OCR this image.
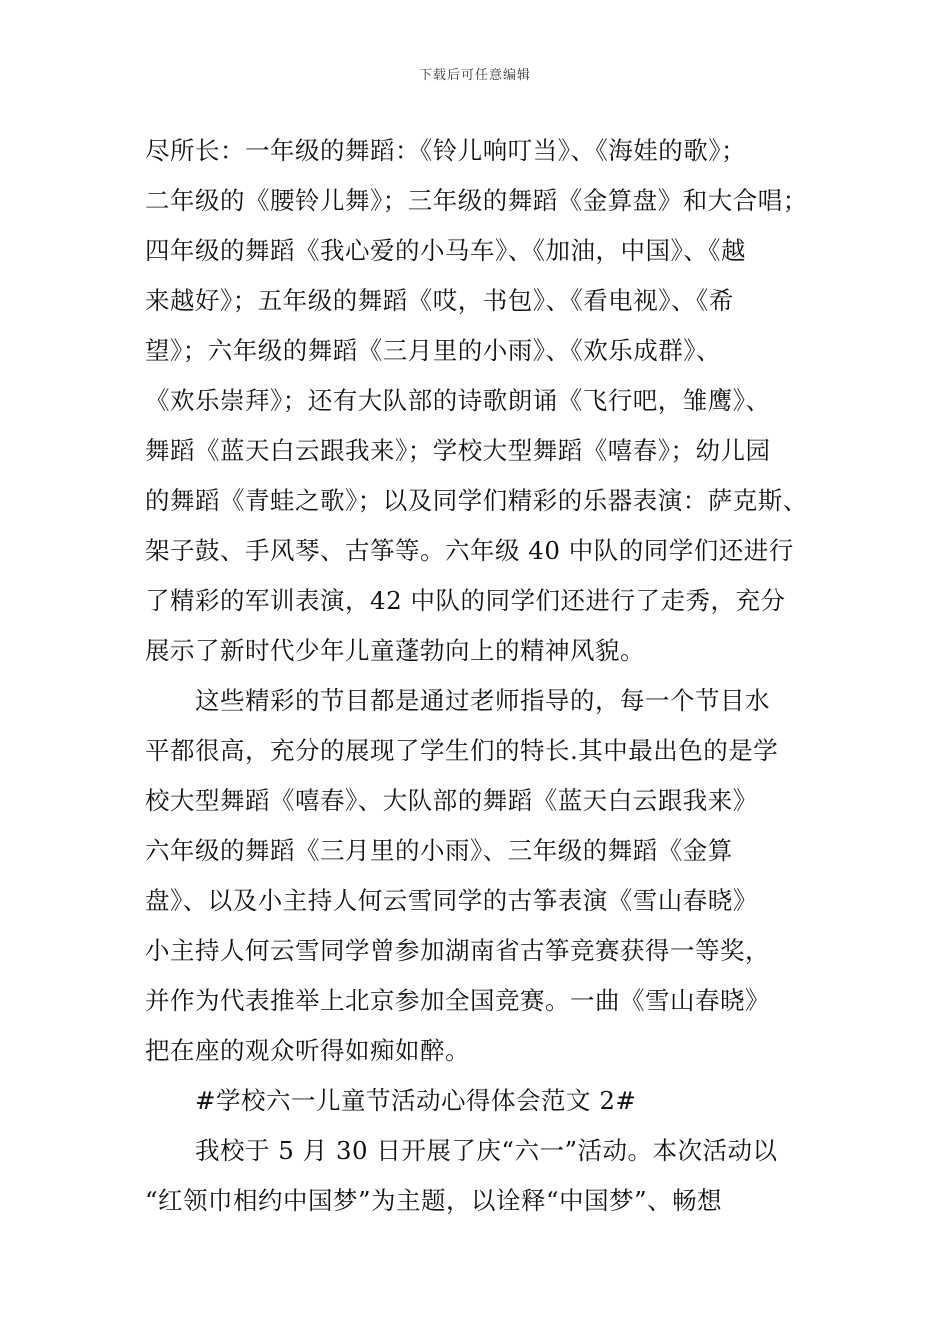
下载后可任意编辑
尽所长：一年级的舞蹈：《铃儿响叮当》、《海娃的歌》；
二年级的《腰铃儿舞》；三年级的舞蹈《金算盘》和大合唱；
四年级的舞蹈《我心爱的小马车》、《加油，中国》、《越
来越好》；五年级的舞蹈《哎，书包》、《看电视》、《希
望》；六年级的舞蹈《三月里的小雨》、《欢乐成群》、
《欢乐崇拜》；还有大队部的诗歌朗诵《飞行吧，雏鹰》、
舞蹈《蓝天白云跟我来》；学校大型舞蹈《嘻春》；幼儿园
的舞蹈《青蛙之歌》；以及同学们精彩的乐器表演：萨克斯、
架子鼓、手风琴、古筝等。六年级 40 中队的同学们还进行
了精彩的军训表演，42 中队的同学们还进行了走秀，充分
展示了新时代少年儿童蓬勃向上的精神风貌。
　　这些精彩的节目都是通过老师指导的，每一个节目水
平都很高，充分的展现了学生们的特长.其中最出色的是学
校大型舞蹈《嘻春》、大队部的舞蹈《蓝天白云跟我来》
六年级的舞蹈《三月里的小雨》、三年级的舞蹈《金算
盘》、以及小主持人何云雪同学的古筝表演《雪山春晓》
小主持人何云雪同学曾参加湖南省古筝竞赛获得一等奖，
并作为代表推举上北京参加全国竞赛。一曲《雪山春晓》
把在座的观众听得如痴如醉。
　　#学校六一儿童节活动心得体会范文 2#
　　我校于 5 月 30 日开展了庆“六一”活动。本次活动以
“红领巾相约中国梦”为主题，以诠释“中国梦”、畅想
